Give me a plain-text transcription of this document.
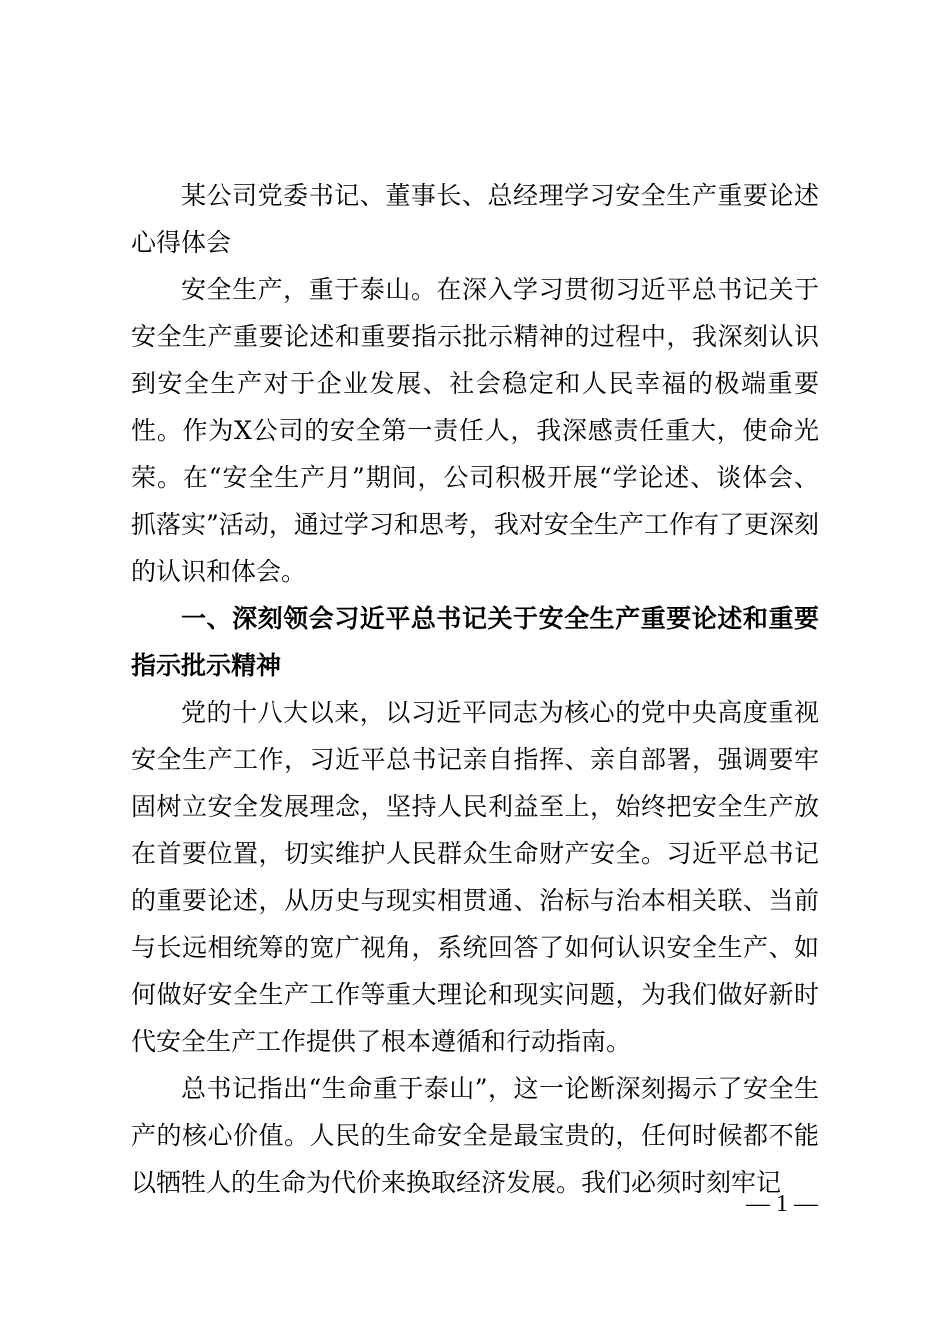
某公司党委书记、董事长、总经理学习安全生产重要论述心得体会

安全生产，重于泰山。在深入学习贯彻习近平总书记关于安全生产重要论述和重要指示批示精神的过程中，我深刻认识到安全生产对于企业发展、社会稳定和人民幸福的极端重要性。作为X公司的安全第一责任人，我深感责任重大，使命光荣。在“安全生产月”期间，公司积极开展“学论述、谈体会、抓落实”活动，通过学习和思考，我对安全生产工作有了更深刻的认识和体会。

一、深刻领会习近平总书记关于安全生产重要论述和重要指示批示精神

党的十八大以来，以习近平同志为核心的党中央高度重视安全生产工作，习近平总书记亲自指挥、亲自部署，强调要牢固树立安全发展理念，坚持人民利益至上，始终把安全生产放在首要位置，切实维护人民群众生命财产安全。习近平总书记的重要论述，从历史与现实相贯通、治标与治本相关联、当前与长远相统筹的宽广视角，系统回答了如何认识安全生产、如何做好安全生产工作等重大理论和现实问题，为我们做好新时代安全生产工作提供了根本遵循和行动指南。

总书记指出“生命重于泰山”，这一论断深刻揭示了安全生产的核心价值。人民的生命安全是最宝贵的，任何时候都不能以牺牲人的生命为代价来换取经济发展。我们必须时刻牢记

— 1 —
